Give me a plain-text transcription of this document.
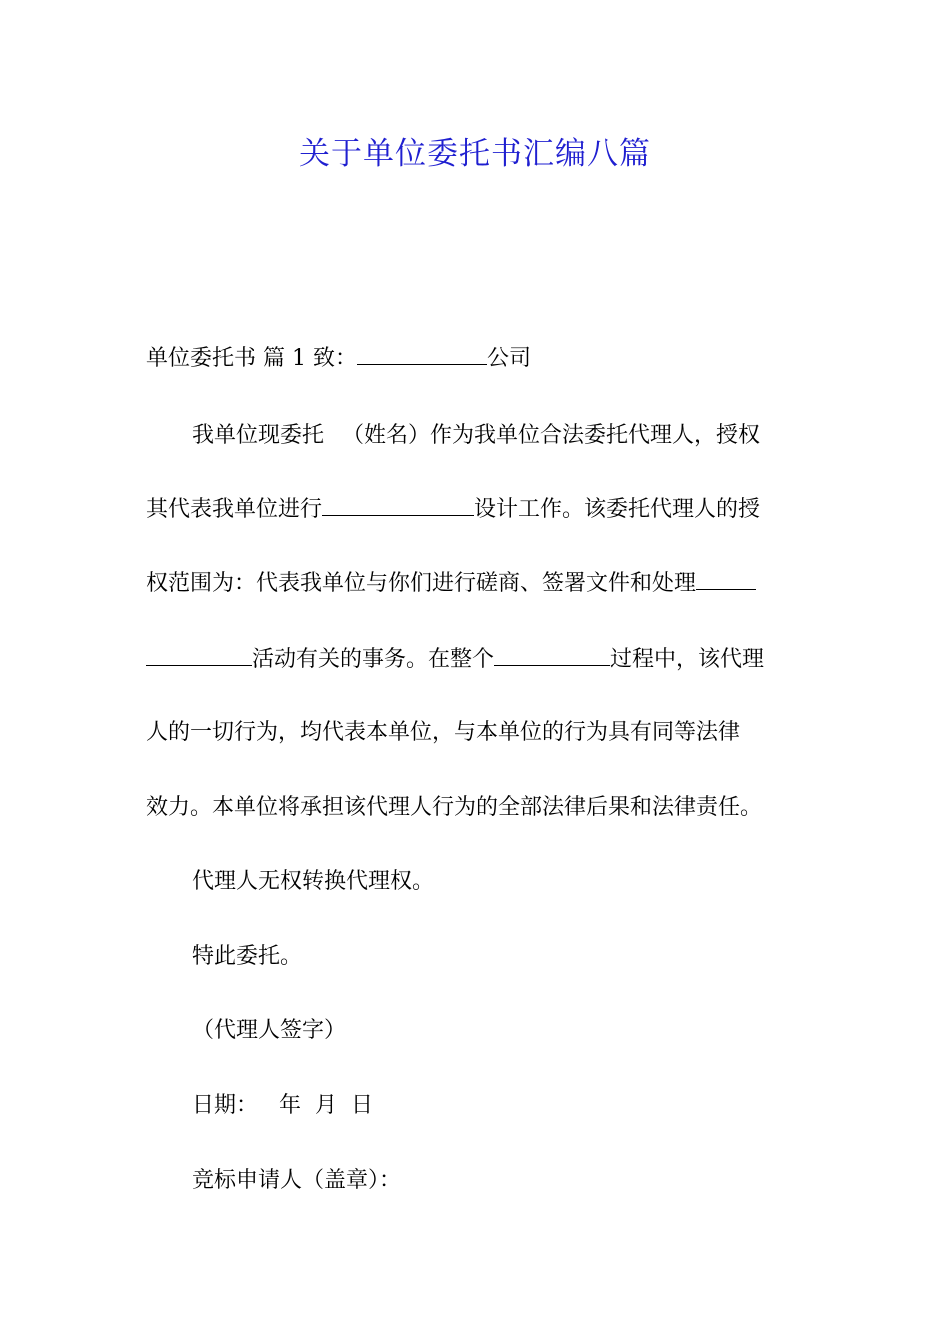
关于单位委托书汇编八篇
单位委托书 篇 1 致：	公司
我单位现委托 （姓名）作为我单位合法委托代理人，授权
其代表我单位进行	设计工作。该委托代理人的授
权范围为：代表我单位与你们进行磋商、签署文件和处理
活动有关的事务。在整个	过程中，该代理
人的一切行为，均代表本单位，与本单位的行为具有同等法律
效力。本单位将承担该代理人行为的全部法律后果和法律责任。
代理人无权转换代理权。
特此委托。
（代理人签字）
日期：   年  月  日
竞标申请人（盖章）：
